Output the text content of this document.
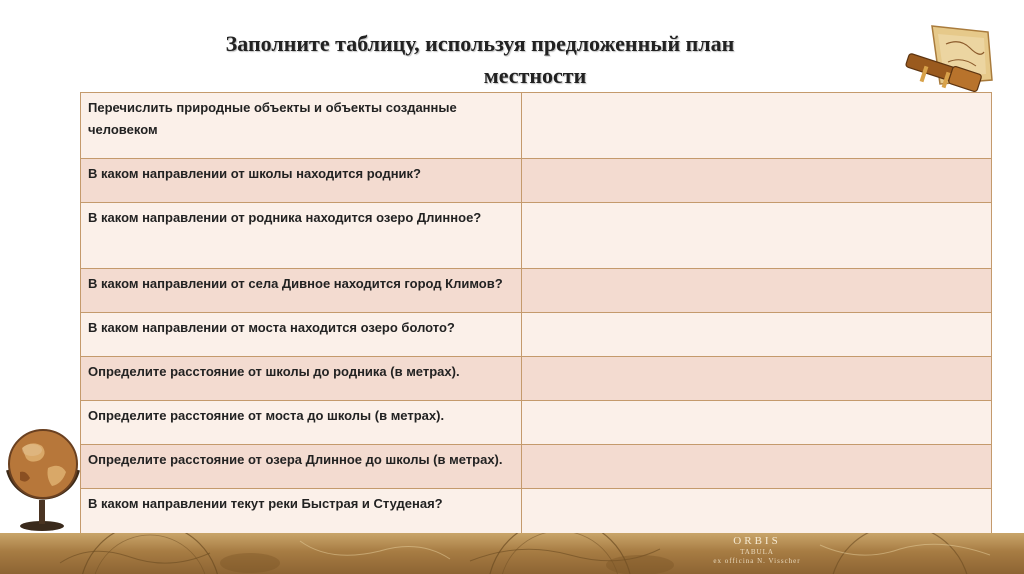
Заполните таблицу, используя предложенный план
местности
Перечислить природные объекты и объекты созданные человеком	
В каком направлении от школы находится родник?	
В каком направлении от родника находится озеро Длинное?	
В каком направлении от села Дивное находится город Климов?	
В каком направлении от моста находится озеро болото?	
Определите расстояние от школы до родника (в метрах).	
Определите расстояние от моста до школы (в метрах).	
Определите расстояние от озера Длинное до школы (в метрах).	
В каком направлении текут реки Быстрая и Студеная?	
ORBIS
TABULA
ex officina N. Visscher
